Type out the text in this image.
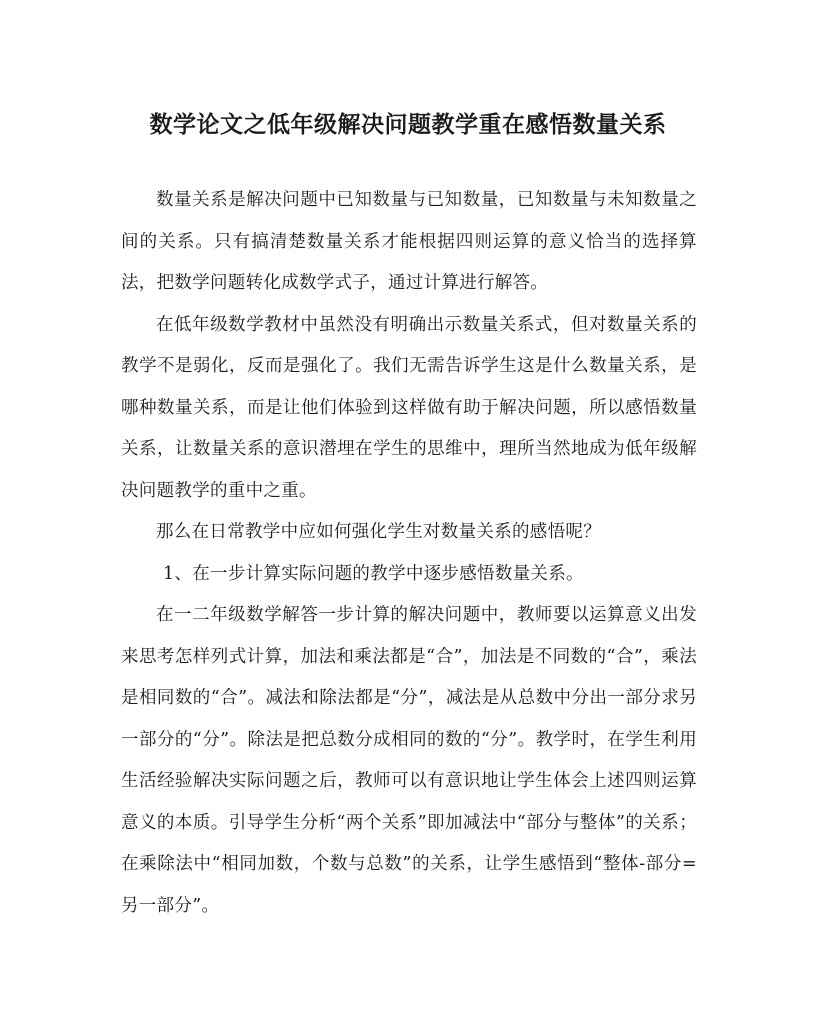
数学论文之低年级解决问题教学重在感悟数量关系

数量关系是解决问题中已知数量与已知数量，已知数量与未知数量之间的关系。只有搞清楚数量关系才能根据四则运算的意义恰当的选择算法，把数学问题转化成数学式子，通过计算进行解答。

在低年级数学教材中虽然没有明确出示数量关系式，但对数量关系的教学不是弱化，反而是强化了。我们无需告诉学生这是什么数量关系，是哪种数量关系，而是让他们体验到这样做有助于解决问题，所以感悟数量关系，让数量关系的意识潜埋在学生的思维中，理所当然地成为低年级解决问题教学的重中之重。

那么在日常教学中应如何强化学生对数量关系的感悟呢？

1、在一步计算实际问题的教学中逐步感悟数量关系。

在一二年级数学解答一步计算的解决问题中，教师要以运算意义出发来思考怎样列式计算，加法和乘法都是“合”，加法是不同数的“合”，乘法是相同数的“合”。减法和除法都是“分”，减法是从总数中分出一部分求另一部分的“分”。除法是把总数分成相同的数的“分”。教学时，在学生利用生活经验解决实际问题之后，教师可以有意识地让学生体会上述四则运算意义的本质。引导学生分析“两个关系”即加减法中“部分与整体”的关系；在乘除法中“相同加数，个数与总数”的关系，让学生感悟到“整体-部分=另一部分”。
